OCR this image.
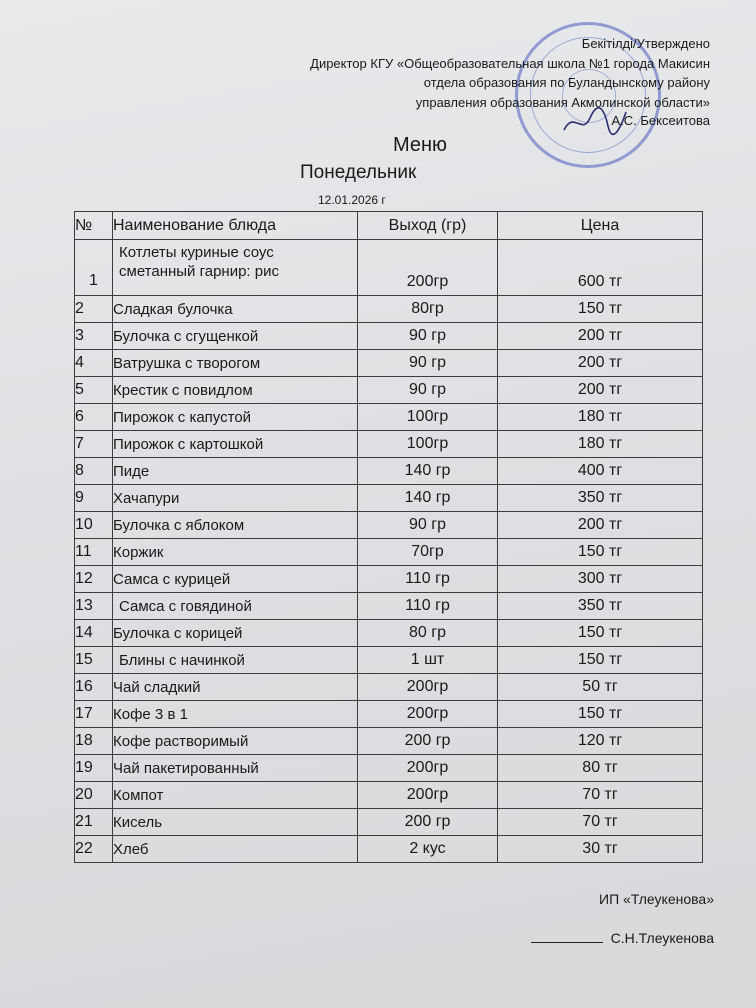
Бекітілді/Утверждено
Директор КГУ «Общеобразовательная школа №1 города Макисин
отдела образования по Буландынскому району
управления образования Акмолинской области»
А.С. Бексеитова
Меню
Понедельник
12.01.2026 г
№	Наименование блюда	Выход (гр)	Цена
1	Котлеты куриные соус сметанный гарнир: рис	200гр	600 тг
2	Сладкая булочка	80гр	150 тг
3	Булочка с сгущенкой	90 гр	200 тг
4	Ватрушка с творогом	90 гр	200 тг
5	Крестик с повидлом	90 гр	200 тг
6	Пирожок с капустой	100гр	180 тг
7	Пирожок с картошкой	100гр	180 тг
8	Пиде	140 гр	400 тг
9	Хачапури	140 гр	350 тг
10	Булочка с яблоком	90 гр	200 тг
11	Коржик	70гр	150 тг
12	Самса с курицей	110 гр	300 тг
13	Самса с говядиной	110 гр	350 тг
14	Булочка с корицей	80 гр	150 тг
15	Блины с начинкой	1 шт	150 тг
16	Чай сладкий	200гр	50 тг
17	Кофе 3 в 1	200гр	150 тг
18	Кофе растворимый	200 гр	120 тг
19	Чай пакетированный	200гр	80 тг
20	Компот	200гр	70 тг
21	Кисель	200 гр	70 тг
22	Хлеб	2 кус	30 тг
ИП «Тлеукенова»
С.Н.Тлеукенова
